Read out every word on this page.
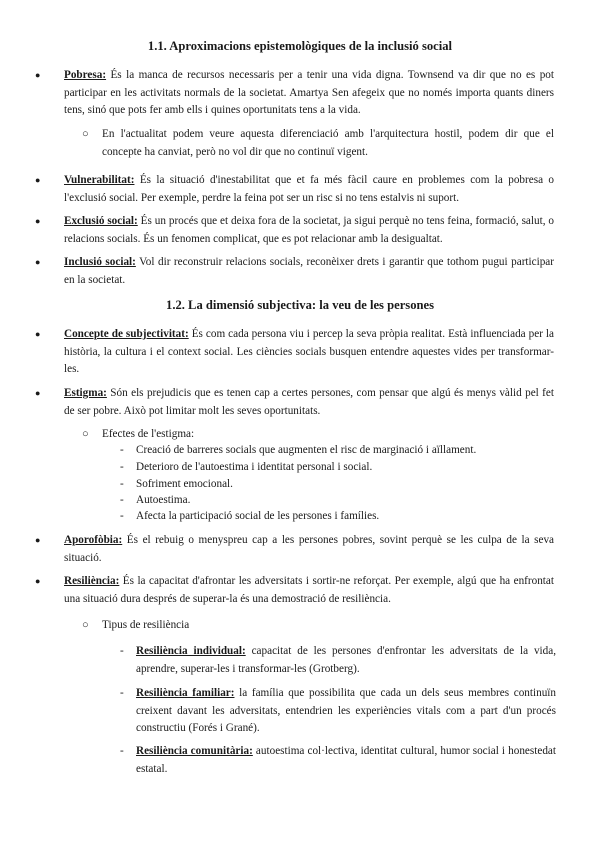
1.1. Aproximacions epistemològiques de la inclusió social
● Pobresa: És la manca de recursos necessaris per a tenir una vida digna. Townsend va dir que no es pot participar en les activitats normals de la societat. Amartya Sen afegeix que no només importa quants diners tens, sinó que pots fer amb ells i quines oportunitats tens a la vida.
○ En l'actualitat podem veure aquesta diferenciació amb l'arquitectura hostil, podem dir que el concepte ha canviat, però no vol dir que no continuï vigent.
● Vulnerabilitat: És la situació d'inestabilitat que et fa més fàcil caure en problemes com la pobresa o l'exclusió social. Per exemple, perdre la feina pot ser un risc si no tens estalvis ni suport.
● Exclusió social: És un procés que et deixa fora de la societat, ja sigui perquè no tens feina, formació, salut, o relacions socials. És un fenomen complicat, que es pot relacionar amb la desigualtat.
● Inclusió social: Vol dir reconstruir relacions socials, reconèixer drets i garantir que tothom pugui participar en la societat.
1.2. La dimensió subjectiva: la veu de les persones
● Concepte de subjectivitat: És com cada persona viu i percep la seva pròpia realitat. Està influenciada per la història, la cultura i el context social. Les ciències socials busquen entendre aquestes vides per transformar-les.
● Estigma: Són els prejudicis que es tenen cap a certes persones, com pensar que algú és menys vàlid pel fet de ser pobre. Això pot limitar molt les seves oportunitats.
○ Efectes de l'estigma:
- Creació de barreres socials que augmenten el risc de marginació i aïllament.
- Deterioro de l'autoestima i identitat personal i social.
- Sofriment emocional.
- Autoestima.
- Afecta la participació social de les persones i famílies.
● Aporofòbia: És el rebuig o menyspreu cap a les persones pobres, sovint perquè se les culpa de la seva situació.
● Resiliència: És la capacitat d'afrontar les adversitats i sortir-ne reforçat. Per exemple, algú que ha enfrontat una situació dura després de superar-la és una demostració de resiliència.
○ Tipus de resiliència
- Resiliència individual: capacitat de les persones d'enfrontar les adversitats de la vida, aprendre, superar-les i transformar-les (Grotberg).
- Resiliència familiar: la família que possibilita que cada un dels seus membres continuïn creixent davant les adversitats, entendrien les experiències vitals com a part d'un procés constructiu (Forés i Grané).
- Resiliència comunitària: autoestima col·lectiva, identitat cultural, humor social i honestedat estatal.
